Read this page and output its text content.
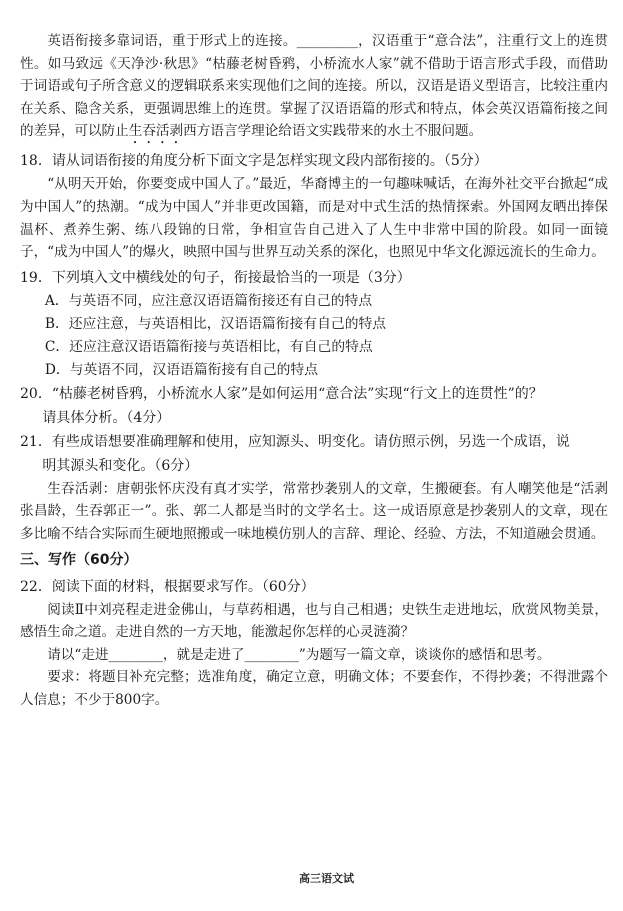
英语衔接多靠词语，重于形式上的连接。_________，汉语重于“意合法”，注重行文上的连贯性。如马致远《天净沙·秋思》“枯藤老树昏鸦，小桥流水人家”就不借助于语言形式手段，而借助于词语或句子所含意义的逻辑联系来实现他们之间的连接。所以，汉语是语义型语言，比较注重内在关系、隐含关系，更强调思维上的连贯。掌握了汉语语篇的形式和特点，体会英汉语篇衔接之间的差异，可以防止生吞活剥西方语言学理论给语文实践带来的水土不服问题。

18．请从词语衔接的角度分析下面文字是怎样实现文段内部衔接的。（5分）

“从明天开始，你要变成中国人了。”最近，华裔博主的一句趣味喊话，在海外社交平台掀起“成为中国人”的热潮。“成为中国人”并非更改国籍，而是对中式生活的热情探索。外国网友晒出捧保温杯、煮养生粥、练八段锦的日常，争相宣告自己进入了人生中非常中国的阶段。如同一面镜子，“成为中国人”的爆火，映照中国与世界互动关系的深化，也照见中华文化源远流长的生命力。

19．下列填入文中横线处的句子，衔接最恰当的一项是（3分）

A．与英语不同，应注意汉语语篇衔接还有自己的特点

B．还应注意，与英语相比，汉语语篇衔接有自己的特点

C．还应注意汉语语篇衔接与英语相比，有自己的特点

D．与英语不同，汉语语篇衔接有自己的特点

20．“枯藤老树昏鸦，小桥流水人家”是如何运用“意合法”实现“行文上的连贯性”的？

请具体分析。（4分）

21．有些成语想要准确理解和使用，应知源头、明变化。请仿照示例，另选一个成语，说

明其源头和变化。（6分）

生吞活剥：唐朝张怀庆没有真才实学，常常抄袭别人的文章，生搬硬套。有人嘲笑他是“活剥张昌龄，生吞郭正一”。张、郭二人都是当时的文学名士。这一成语原意是抄袭别人的文章，现在多比喻不结合实际而生硬地照搬或一味地模仿别人的言辞、理论、经验、方法，不知道融会贯通。

三、写作（60分）

22．阅读下面的材料，根据要求写作。（60分）

阅读Ⅱ中刘亮程走进金佛山，与草药相遇，也与自己相遇；史铁生走进地坛，欣赏风物美景，感悟生命之道。走进自然的一方天地，能激起你怎样的心灵涟漪？

请以“走进________，就是走进了________”为题写一篇文章，谈谈你的感悟和思考。

要求：将题目补充完整；选准角度，确定立意，明确文体；不要套作，不得抄袭；不得泄露个人信息；不少于800字。

高三语文试
